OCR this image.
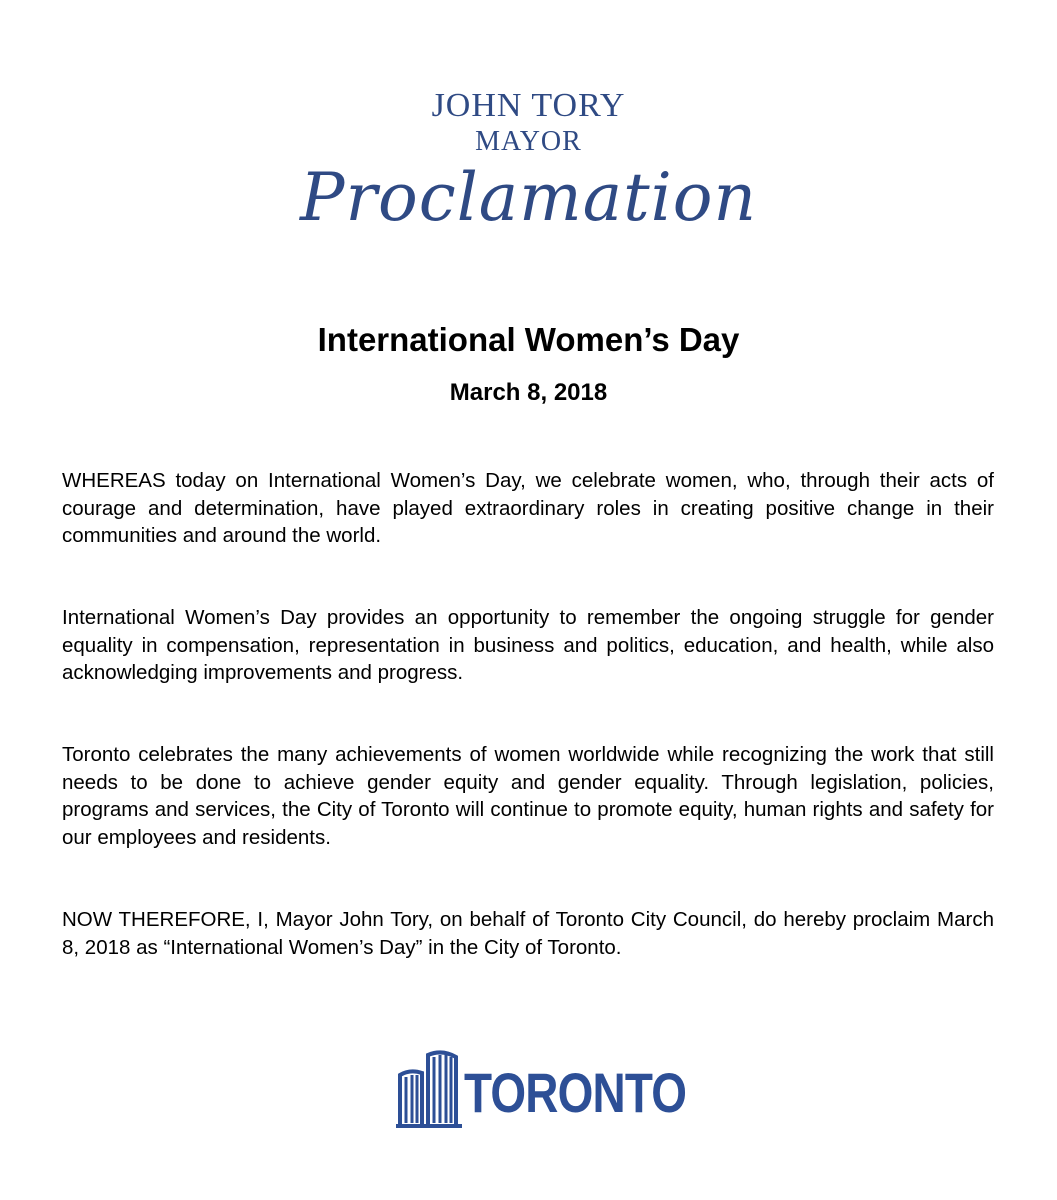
JOHN TORY
MAYOR
Proclamation
International Women’s Day
March 8, 2018

WHEREAS today on International Women’s Day, we celebrate women, who, through their acts of courage and determination, have played extraordinary roles in creating positive change in their communities and around the world.

International Women’s Day provides an opportunity to remember the ongoing struggle for gender equality in compensation, representation in business and politics, education, and health, while also acknowledging improvements and progress.

Toronto celebrates the many achievements of women worldwide while recognizing the work that still needs to be done to achieve gender equity and gender equality. Through legislation, policies, programs and services, the City of Toronto will continue to promote equity, human rights and safety for our employees and residents.

NOW THEREFORE, I, Mayor John Tory, on behalf of Toronto City Council, do hereby proclaim March 8, 2018 as “International Women’s Day” in the City of Toronto.

TORONTO
